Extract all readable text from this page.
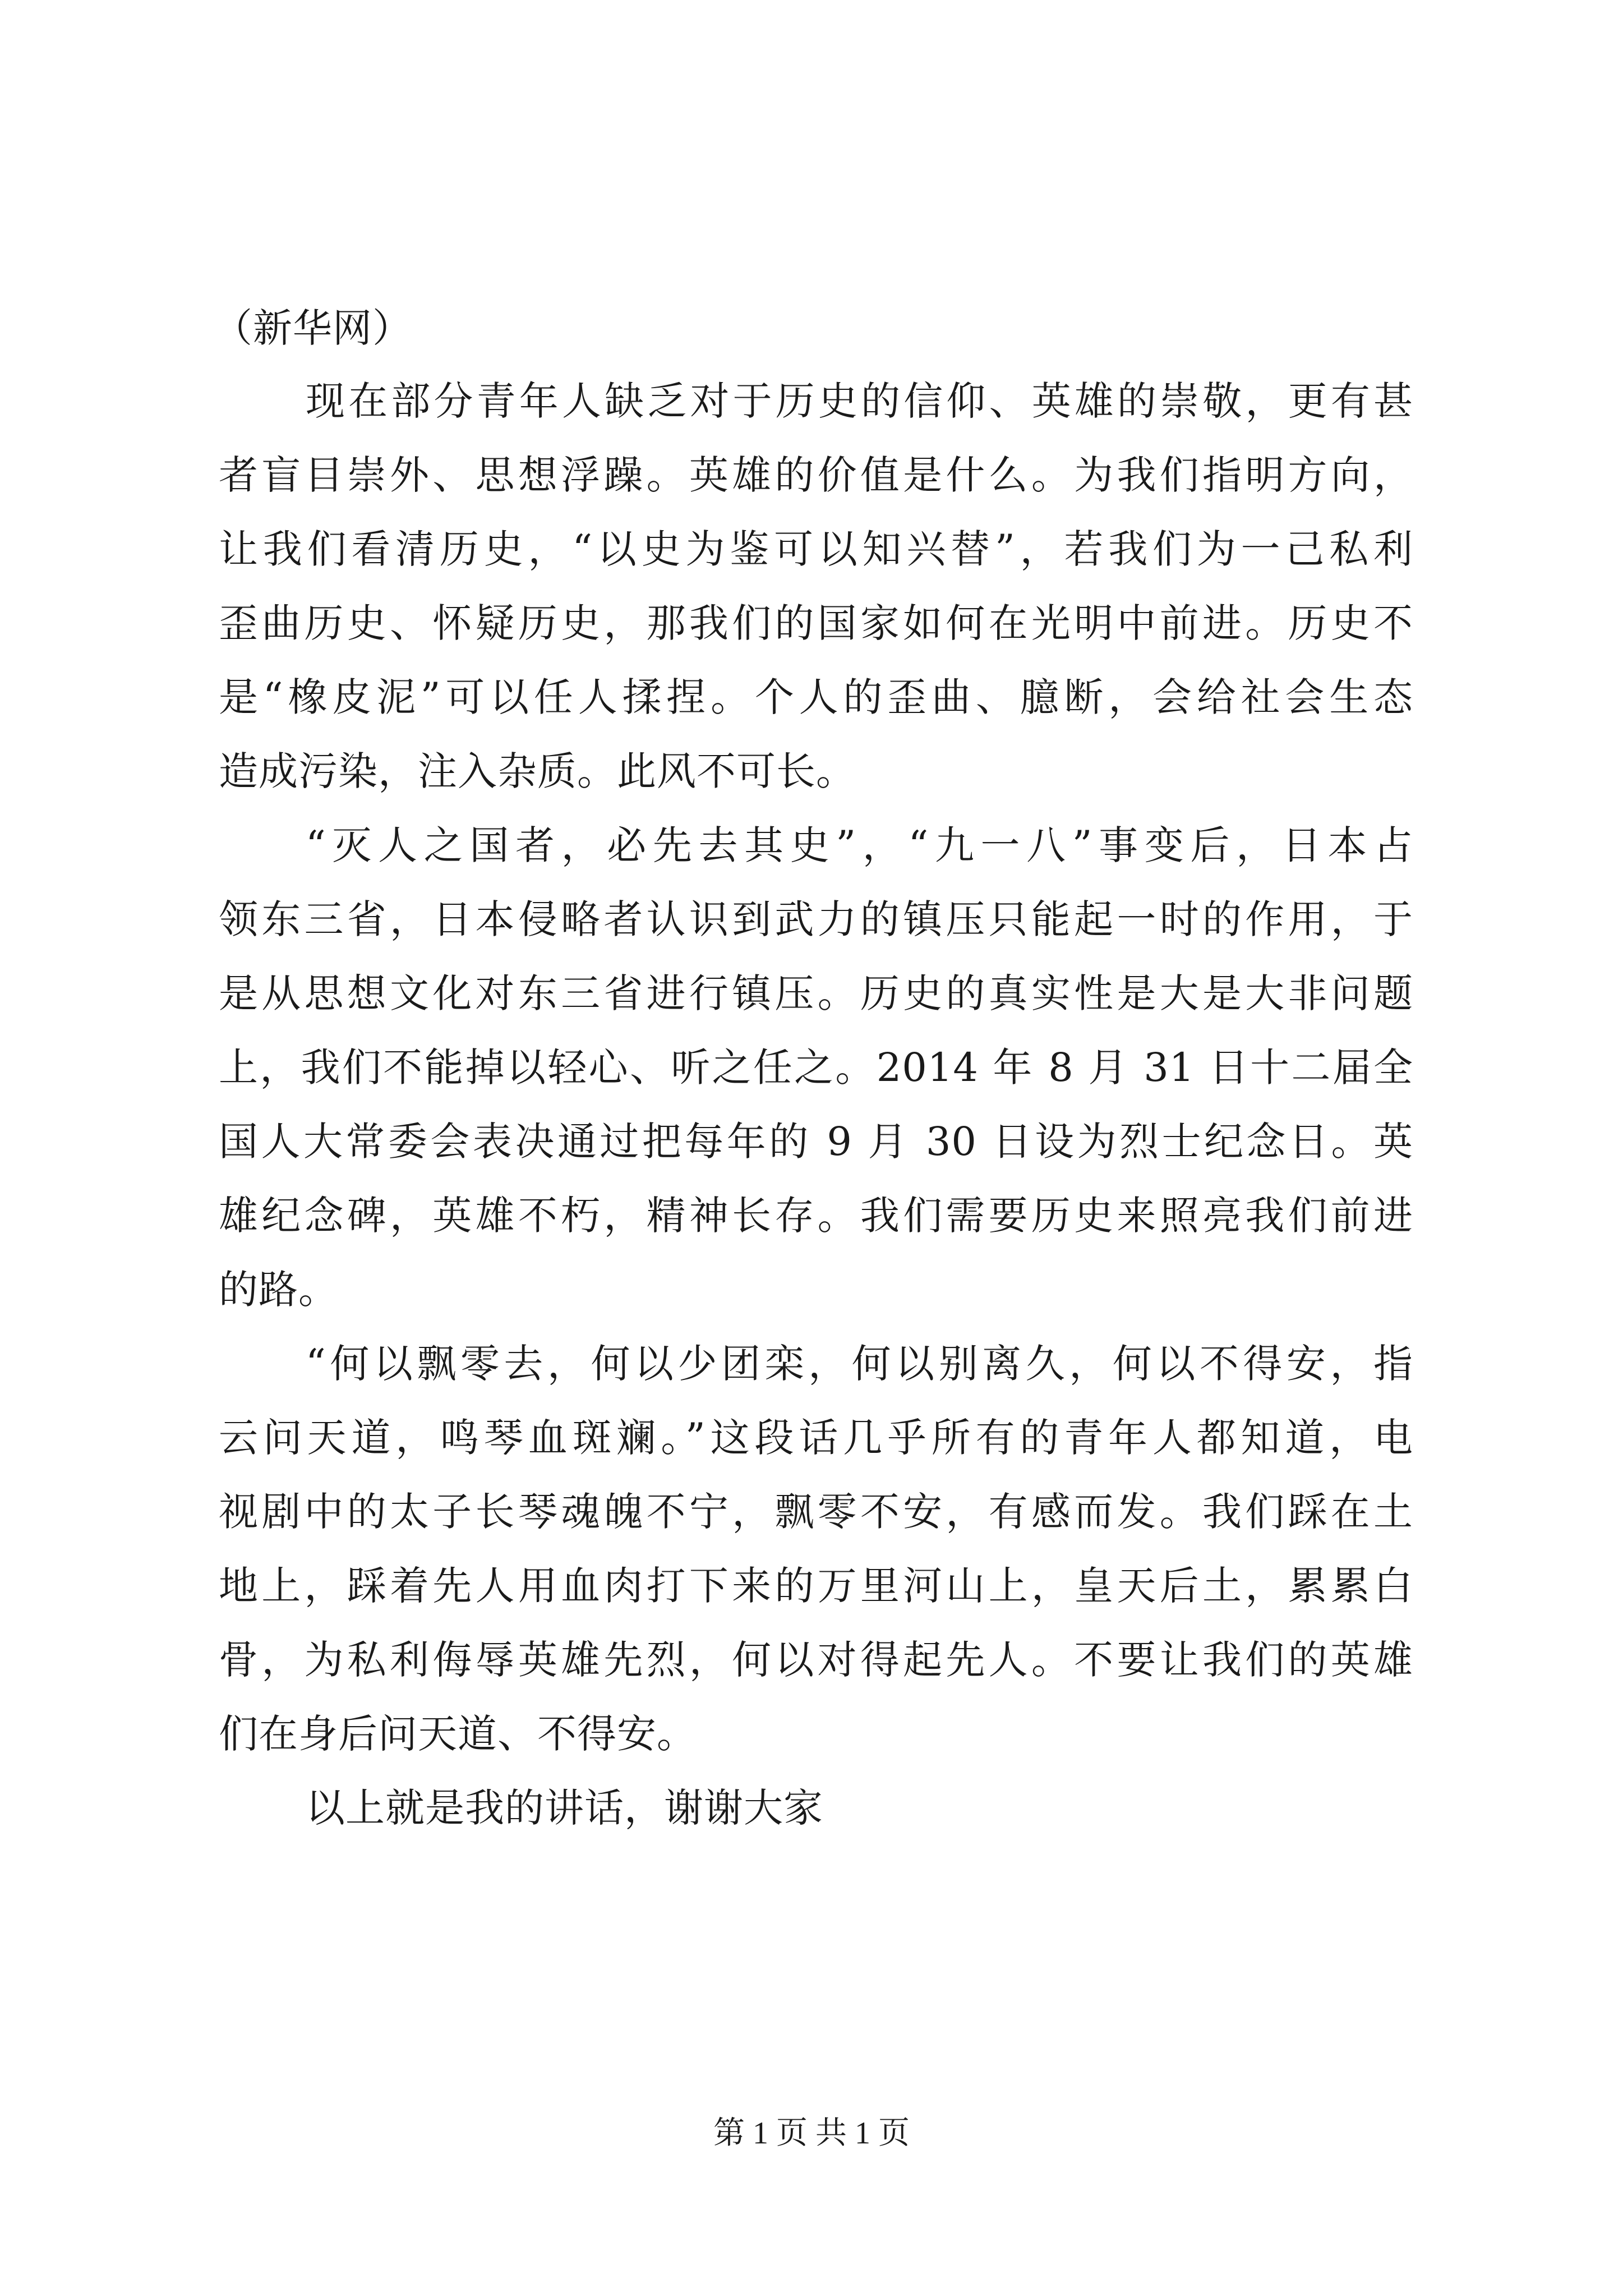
（新华网）
现在部分青年人缺乏对于历史的信仰、英雄的崇敬，更有甚
者盲目崇外、思想浮躁。英雄的价值是什么。为我们指明方向，
让我们看清历史，“以史为鉴可以知兴替”，若我们为一己私利
歪曲历史、怀疑历史，那我们的国家如何在光明中前进。历史不
是“橡皮泥”可以任人揉捏。个人的歪曲、臆断，会给社会生态
造成污染，注入杂质。此风不可长。
“灭人之国者，必先去其史”，“九一八”事变后，日本占
领东三省，日本侵略者认识到武力的镇压只能起一时的作用，于
是从思想文化对东三省进行镇压。历史的真实性是大是大非问题
上，我们不能掉以轻心、听之任之。2014 年 8 月 31 日十二届全
国人大常委会表决通过把每年的 9 月 30 日设为烈士纪念日。英
雄纪念碑，英雄不朽，精神长存。我们需要历史来照亮我们前进
的路。
“何以飘零去，何以少团栾，何以别离久，何以不得安，指
云问天道，鸣琴血斑斓。”这段话几乎所有的青年人都知道，电
视剧中的太子长琴魂魄不宁，飘零不安，有感而发。我们踩在土
地上，踩着先人用血肉打下来的万里河山上，皇天后土，累累白
骨，为私利侮辱英雄先烈，何以对得起先人。不要让我们的英雄
们在身后问天道、不得安。
以上就是我的讲话，谢谢大家
第 1 页 共 1 页
